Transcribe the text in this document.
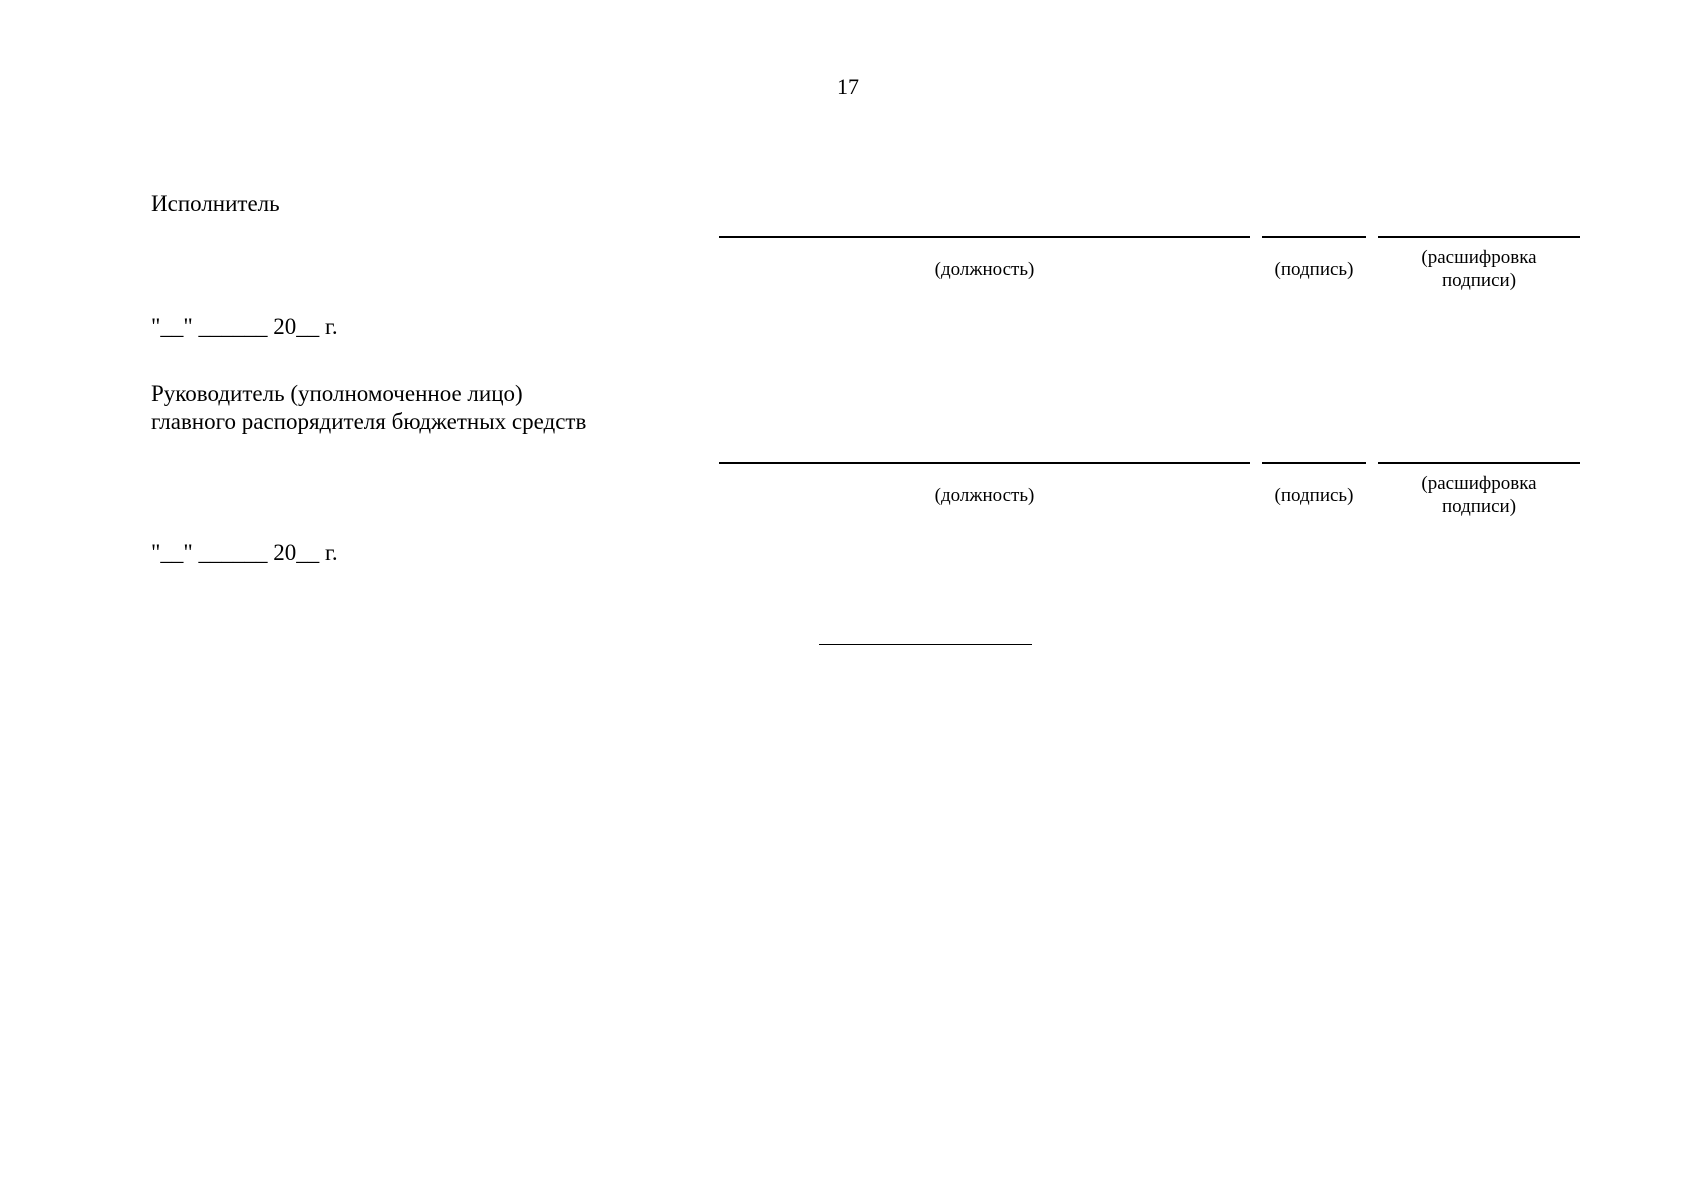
17
Исполнитель
(должность)	(подпись)
(расшифровка
подписи)
"__" ______ 20__ г.
Руководитель (уполномоченное лицо)
главного распорядителя бюджетных средств
(должность)	(подпись)
(расшифровка
подписи)
"__" ______ 20__ г.
